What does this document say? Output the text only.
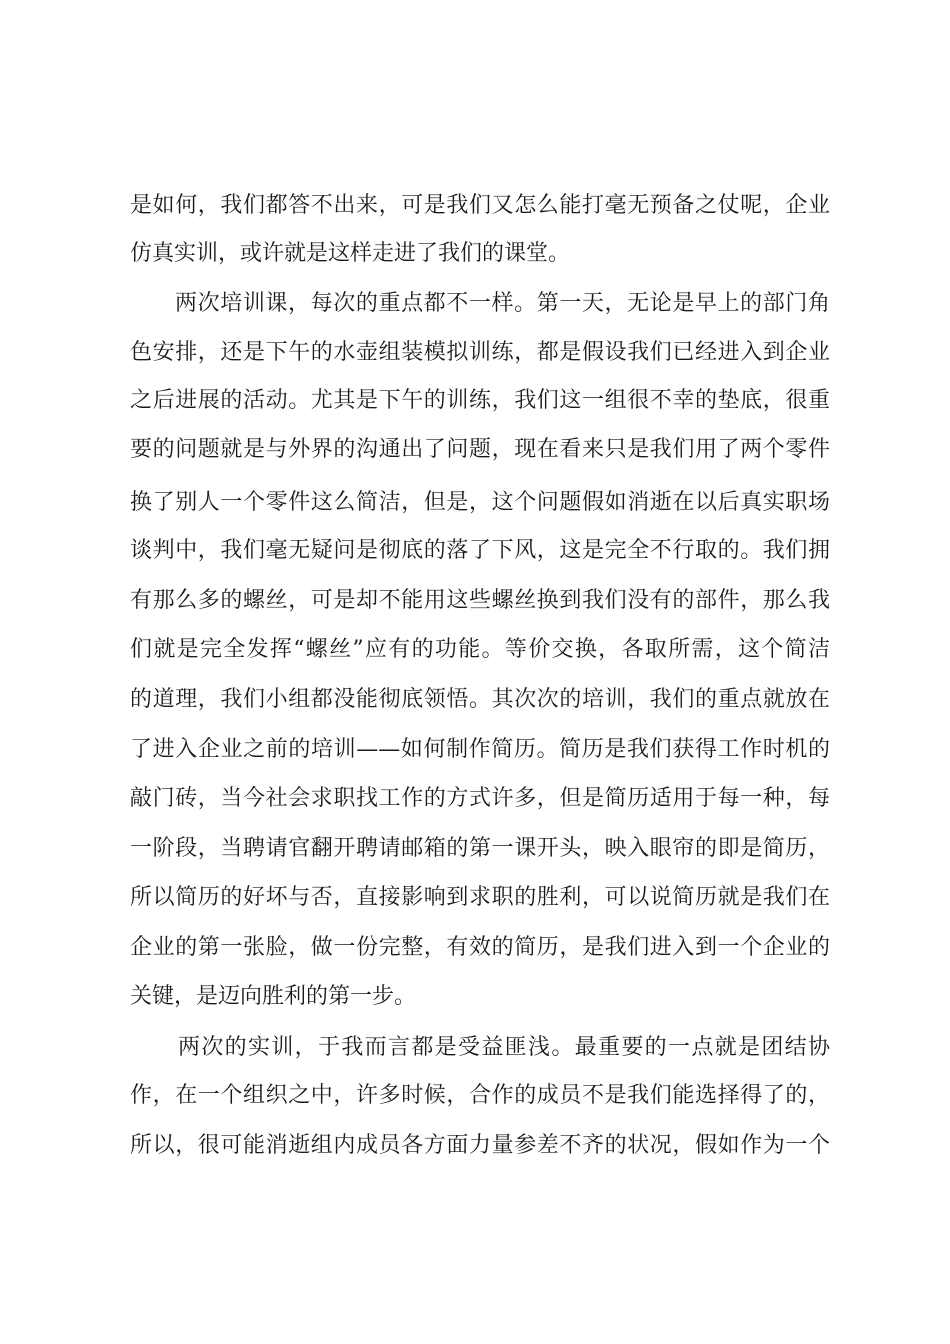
是如何，我们都答不出来，可是我们又怎么能打毫无预备之仗呢，企业
仿真实训，或许就是这样走进了我们的课堂。
两次培训课，每次的重点都不一样。第一天，无论是早上的部门角
色安排，还是下午的水壶组装模拟训练，都是假设我们已经进入到企业
之后进展的活动。尤其是下午的训练，我们这一组很不幸的垫底，很重
要的问题就是与外界的沟通出了问题，现在看来只是我们用了两个零件
换了别人一个零件这么简洁，但是，这个问题假如消逝在以后真实职场
谈判中，我们毫无疑问是彻底的落了下风，这是完全不行取的。我们拥
有那么多的螺丝，可是却不能用这些螺丝换到我们没有的部件，那么我
们就是完全发挥“螺丝”应有的功能。等价交换，各取所需，这个简洁
的道理，我们小组都没能彻底领悟。其次次的培训，我们的重点就放在
了进入企业之前的培训——如何制作简历。简历是我们获得工作时机的
敲门砖，当今社会求职找工作的方式许多，但是简历适用于每一种，每
一阶段，当聘请官翻开聘请邮箱的第一课开头，映入眼帘的即是简历，
所以简历的好坏与否，直接影响到求职的胜利，可以说简历就是我们在
企业的第一张脸，做一份完整，有效的简历，是我们进入到一个企业的
关键，是迈向胜利的第一步。
两次的实训，于我而言都是受益匪浅。最重要的一点就是团结协
作，在一个组织之中，许多时候，合作的成员不是我们能选择得了的，
所以，很可能消逝组内成员各方面力量参差不齐的状况，假如作为一个
